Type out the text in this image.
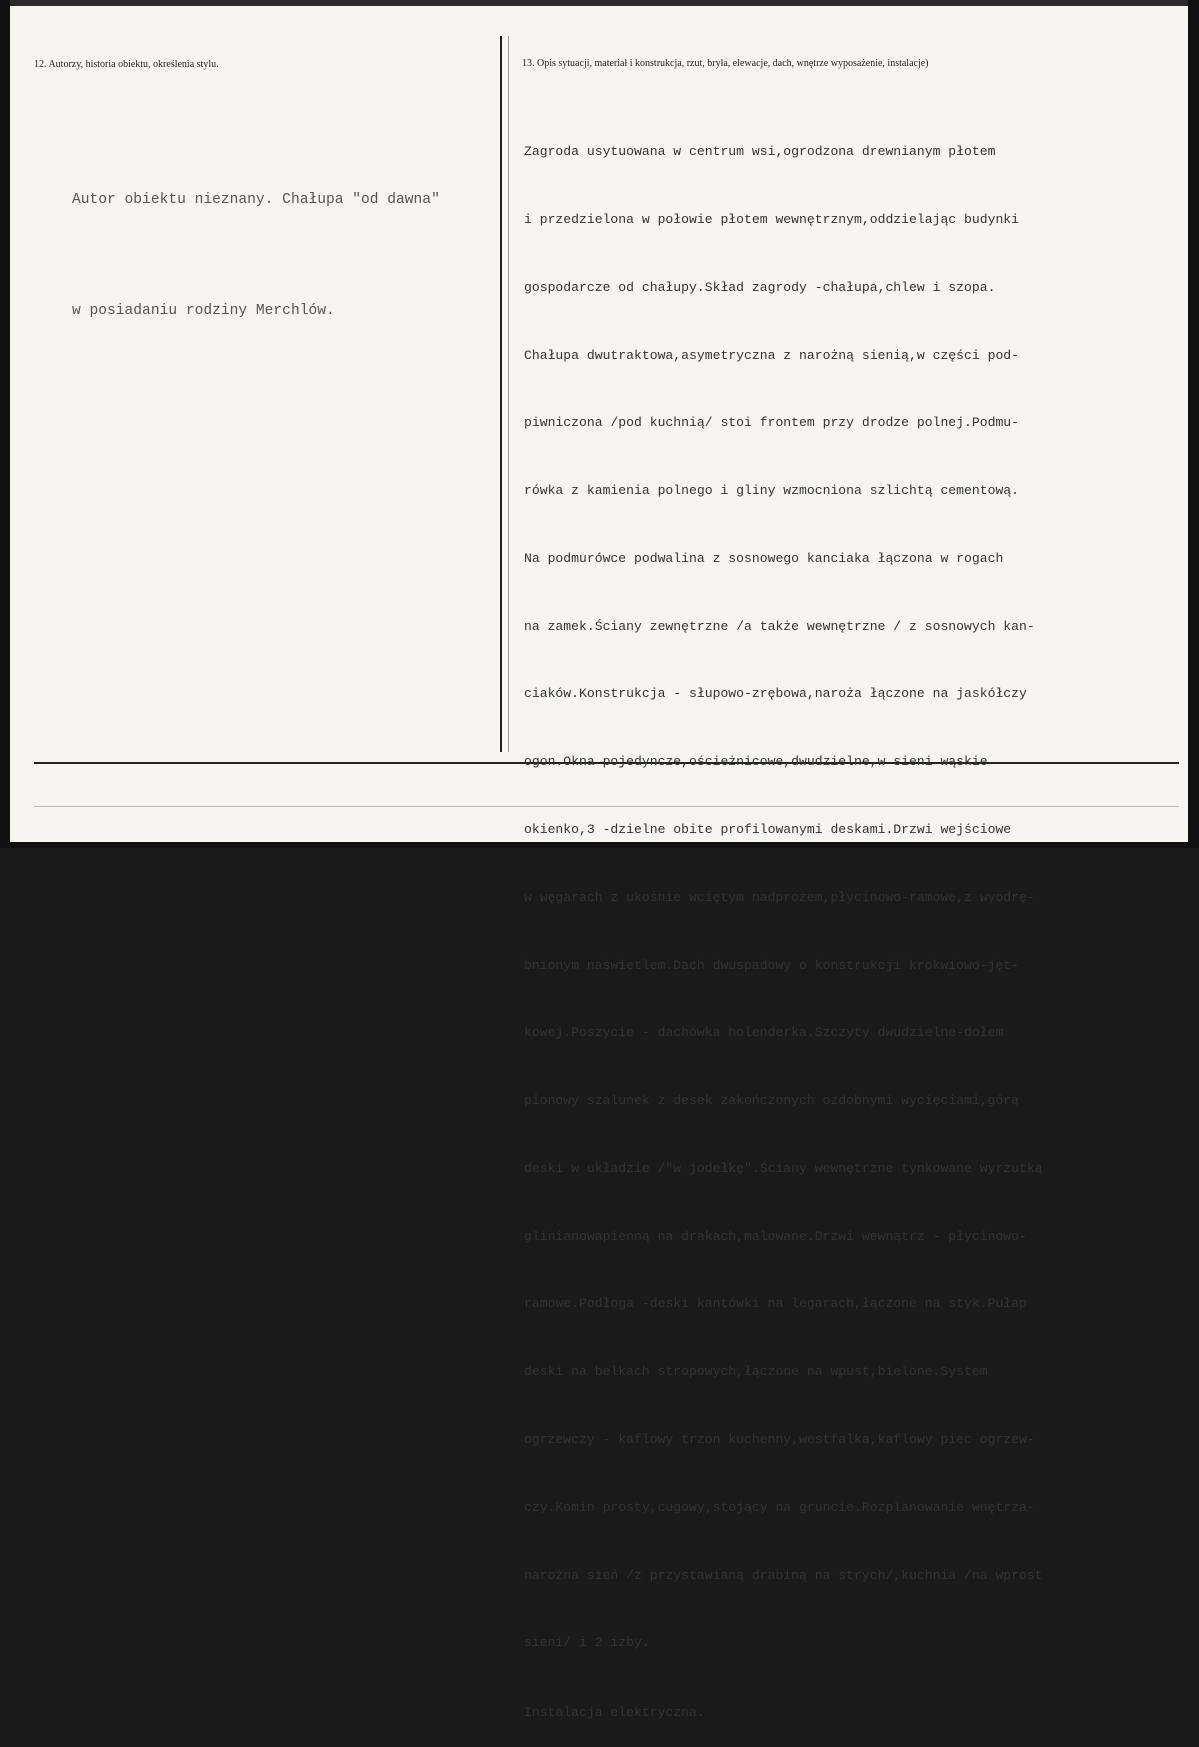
12. Autorzy, historia obiektu, określenia stylu.	13. Opis sytuacji, materiał i konstrukcja, rzut, bryła, elewacje, dach, wnętrze wyposażenie, instalacje)

Autor obiektu nieznany. Chałupa "od dawna"

w posiadaniu rodziny Merchlów.

Zagroda usytuowana w centrum wsi,ogrodzona drewnianym płotem

i przedzielona w połowie płotem wewnętrznym,oddzielając budynki

gospodarcze od chałupy.Skład zagrody -chałupa,chlew i szopa.

Chałupa dwutraktowa,asymetryczna z narożną sienią,w części pod-

piwniczona /pod kuchnią/ stoi frontem przy drodze polnej.Podmu-

rówka z kamienia polnego i gliny wzmocniona szlichtą cementową.

Na podmurówce podwalina z sosnowego kanciaka łączona w rogach

na zamek.Ściany zewnętrzne /a także wewnętrzne / z sosnowych kan-

ciaków.Konstrukcja - słupowo-zrębowa,naroża łączone na jaskółczy

ogon.Okna pojedyncze,ościeżnicowe,dwudzielne,w sieni wąskie

okienko,3 -dzielne obite profilowanymi deskami.Drzwi wejściowe

w węgarach z ukośnie wciętym nadprożem,płycinowo-ramowe,z wyodrę-

bnionym naświetlem.Dach dwuspadowy o konstrukcji krokwiowo-jęt-

kowej.Poszycie - dachówka holenderka.Szczyty dwudzielne-dołem

pionowy szalunek z desek zakończonych ozdobnymi wycięciami,górą

deski w układzie /"w jodełkę".Ściany wewnętrzne tynkowane wyrzutką

glinianowapienną na drakach,malowane.Drzwi wewnątrz - płycinowo-

ramowe.Podłoga -deski kantówki na legarach,łączone na styk.Pułap

deski na belkach stropowych,łączone na wpust,bielone.System

ogrzewczy - kaflowy trzon kuchenny,westfalka,kaflowy piec ogrzew-

czy.Komin prosty,cugowy,stojący na gruncie.Rozplanowanie wnętrza-

narożna sień /z przystawianą drabiną na strych/,kuchnia /na wprost

sieni/ i 2 izby.

Instalacja elektryczna.
